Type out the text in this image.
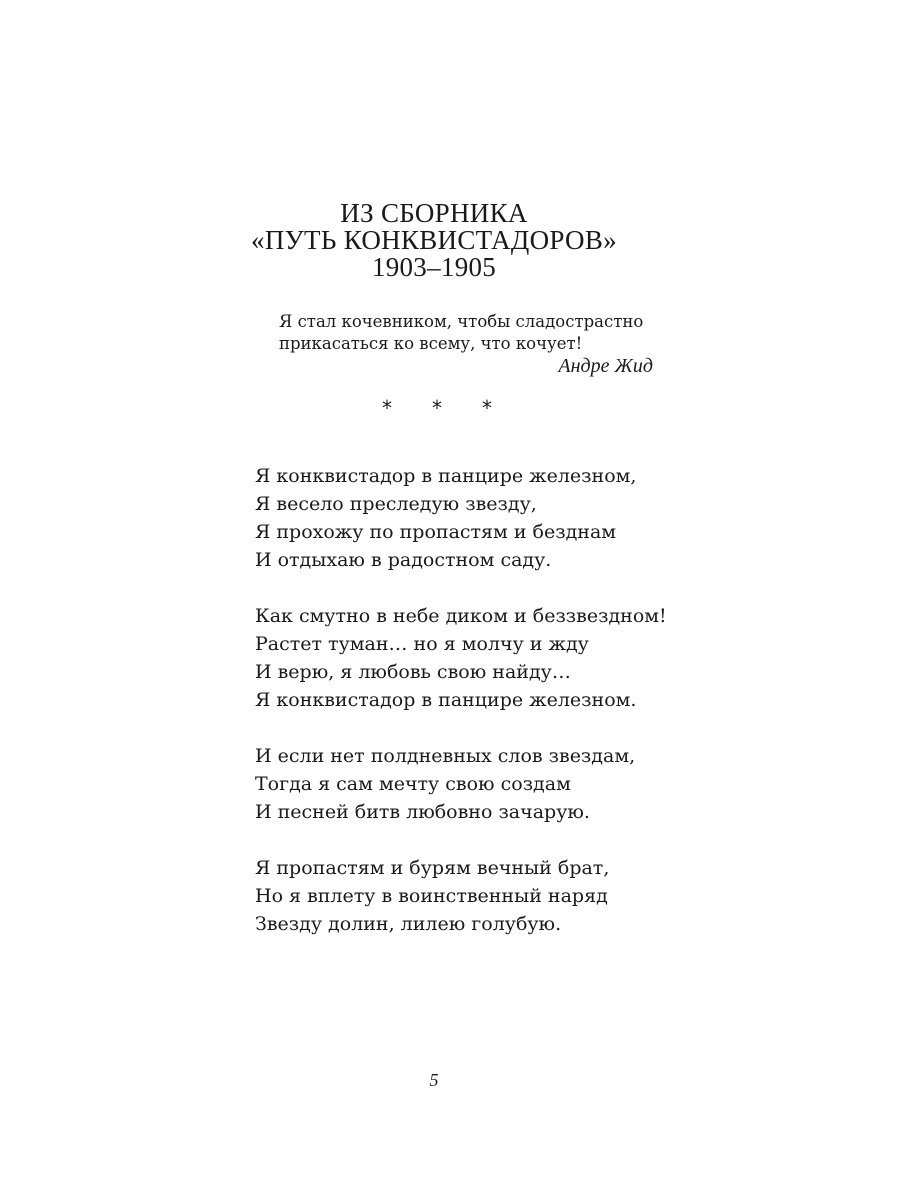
ИЗ СБОРНИКА
«ПУТЬ КОНКВИСТАДОРОВ»
1903–1905
Я стал кочевником, чтобы сладострастно
прикасаться ко всему, что кочует!
Андре Жид
* * *
Я конквистадор в панцире железном,
Я весело преследую звезду,
Я прохожу по пропастям и безднам
И отдыхаю в радостном саду.
Как смутно в небе диком и беззвездном!
Растет туман… но я молчу и жду
И верю, я любовь свою найду…
Я конквистадор в панцире железном.
И если нет полдневных слов звездам,
Тогда я сам мечту свою создам
И песней битв любовно зачарую.
Я пропастям и бурям вечный брат,
Но я вплету в воинственный наряд
Звезду долин, лилею голубую.
5
